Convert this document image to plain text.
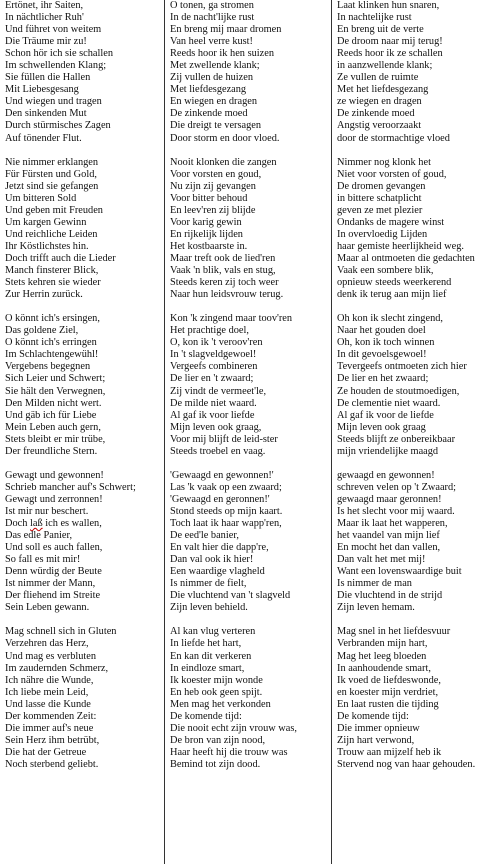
Ertönet, ihr Saiten,
In nächtlicher Ruh'
Und führet von weitem
Die Träume mir zu!
Schon hör ich sie schallen
Im schwellenden Klang;
Sie füllen die Hallen
Mit Liebesgesang
Und wiegen und tragen
Den sinkenden Mut
Durch stürmisches Zagen
Auf tönender Flut.
Nie nimmer erklangen
Für Fürsten und Gold,
Jetzt sind sie gefangen
Um bitteren Sold
Und geben mit Freuden
Um kargen Gewinn
Und reichliche Leiden
Ihr Köstlichstes hin.
Doch trifft auch die Lieder
Manch finsterer Blick,
Stets kehren sie wieder
Zur Herrin zurück.
O könnt ich's ersingen,
Das goldene Ziel,
O könnt ich's erringen
Im Schlachtengewühl!
Vergebens begegnen
Sich Leier und Schwert;
Sie hält den Verwegnen,
Den Milden nicht wert.
Und gäb ich für Liebe
Mein Leben auch gern,
Stets bleibt er mir trübe,
Der freundliche Stern.
Gewagt und gewonnen!
Schrieb mancher auf's Schwert;
Gewagt und zerronnen!
Ist mir nur beschert.
Doch laß ich es wallen,
Das edle Panier,
Und soll es auch fallen,
So fall es mit mir!
Denn würdig der Beute
Ist nimmer der Mann,
Der fliehend im Streite
Sein Leben gewann.
Mag schnell sich in Gluten
Verzehren das Herz,
Und mag es verbluten
Im zaudernden Schmerz,
Ich nähre die Wunde,
Ich liebe mein Leid,
Und lasse die Kunde
Der kommenden Zeit:
Die immer auf's neue
Sein Herz ihm betrübt,
Die hat der Getreue
Noch sterbend geliebt.
O tonen, ga stromen
In de nacht'lijke rust
En breng mij maar dromen
Van heel verre kust!
Reeds hoor ik hen suizen
Met zwellende klank;
Zij vullen de huizen
Met liefdesgezang
En wiegen en dragen
De zinkende moed
Die dreigt te versagen
Door storm en door vloed.
Nooit klonken die zangen
Voor vorsten en goud,
Nu zijn zij gevangen
Voor bitter behoud
En leev'ren zij blijde
Voor karig gewin
En rijkelijk lijden
Het kostbaarste in.
Maar treft ook de lied'ren
Vaak 'n blik, vals en stug,
Steeds keren zij toch weer
Naar hun leidsvrouw terug.
Kon 'k zingend maar toov'ren
Het prachtige doel,
O, kon ik 't veroov'ren
In 't slagveldgewoel!
Vergeefs combineren
De lier en 't zwaard;
Zij vindt de vermeet'le,
De milde niet waard.
Al gaf ik voor liefde
Mijn leven ook graag,
Voor mij blijft de leid-ster
Steeds troebel en vaag.
'Gewaagd en gewonnen!'
Las 'k vaak op een zwaard;
'Gewaagd en geronnen!'
Stond steeds op mijn kaart.
Toch laat ik haar wapp'ren,
De eed'le banier,
En valt hier die dapp're,
Dan val ook ik hier!
Een waardige vlagheld
Is nimmer de fielt,
Die vluchtend van 't slagveld
Zijn leven behield.
Al kan vlug verteren
In liefde het hart,
En kan dit verkeren
In eindloze smart,
Ik koester mijn wonde
En heb ook geen spijt.
Men mag het verkonden
De komende tijd:
Die nooit echt zijn vrouw was,
De bron van zijn nood,
Haar heeft hij die trouw was
Bemind tot zijn dood.
Laat klinken hun snaren,
In nachtelijke rust
En breng uit de verte
De droom naar mij terug!
Reeds hoor ik ze schallen
in aanzwellende klank;
Ze vullen de ruimte
Met het liefdesgezang
ze wiegen en dragen
De zinkende moed
Angstig veroorzaakt
door de stormachtige vloed
Nimmer nog klonk het
Niet voor vorsten of goud,
De dromen gevangen
in bittere schatplicht
geven ze met plezier
Ondanks de magere winst
In overvloedig Lijden
haar gemiste heerlijkheid weg.
Maar al ontmoeten die gedachten
Vaak een sombere blik,
opnieuw steeds weerkerend
denk ik terug aan mijn lief
Oh kon ik slecht zingend,
Naar het gouden doel
Oh, kon ik toch winnen
In dit gevoelsgewoel!
Tevergeefs ontmoeten zich hier
De lier en het zwaard;
Ze houden de stoutmoedigen,
De clementie niet waard.
Al gaf ik voor de liefde
Mijn leven ook graag
Steeds blijft ze onbereikbaar
mijn vriendelijke maagd
gewaagd en gewonnen!
schreven velen op 't Zwaard;
gewaagd maar geronnen!
Is het slecht voor mij waard.
Maar ik laat het wapperen,
het vaandel van mijn lief
En mocht het dan vallen,
Dan valt het met mij!
Want een lovenswaardige buit
Is nimmer de man
Die vluchtend in de strijd
Zijn leven hemam.
Mag snel in het liefdesvuur
Verbranden mijn hart,
Mag het leeg bloeden
In aanhoudende smart,
Ik voed de liefdeswonde,
en koester mijn verdriet,
En laat rusten die tijding
De komende tijd:
Die immer opnieuw
Zijn hart verwond,
Trouw aan mijzelf heb ik
Stervend nog van haar gehouden.
